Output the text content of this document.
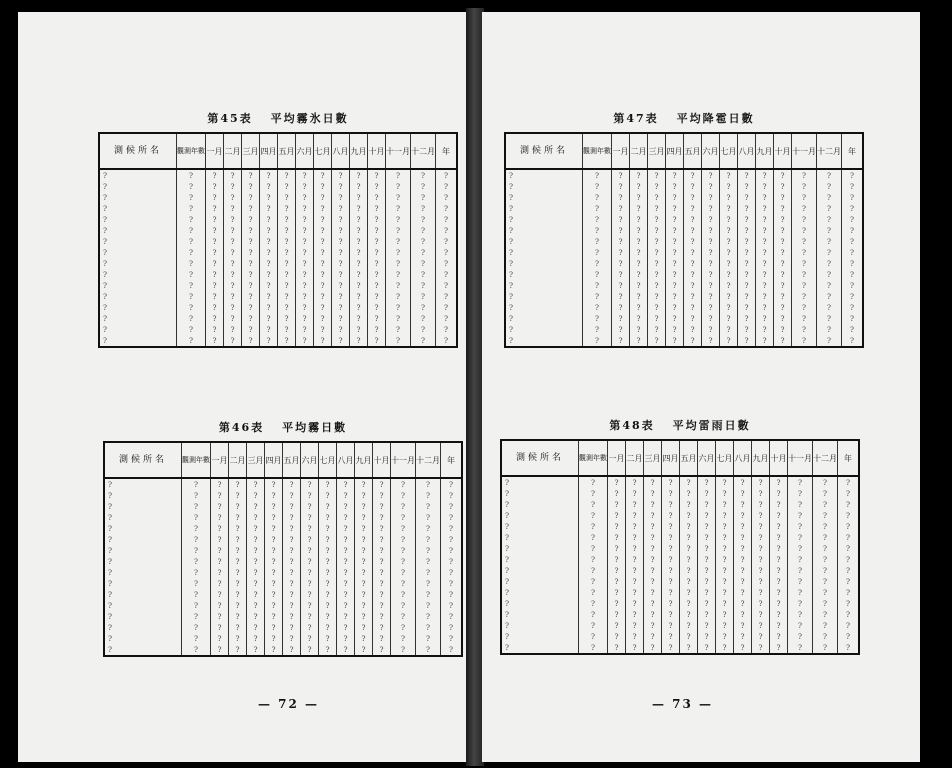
第45表 平均霧氷日數
測候所名	觀測年數	一月	二月	三月	四月	五月	六月	七月	八月	九月	十月	十一月	十二月	年
?	?	?	?	?	?	?	?	?	?	?	?	?	?	?
?	?	?	?	?	?	?	?	?	?	?	?	?	?	?
?	?	?	?	?	?	?	?	?	?	?	?	?	?	?
?	?	?	?	?	?	?	?	?	?	?	?	?	?	?
?	?	?	?	?	?	?	?	?	?	?	?	?	?	?
?	?	?	?	?	?	?	?	?	?	?	?	?	?	?
?	?	?	?	?	?	?	?	?	?	?	?	?	?	?
?	?	?	?	?	?	?	?	?	?	?	?	?	?	?
?	?	?	?	?	?	?	?	?	?	?	?	?	?	?
?	?	?	?	?	?	?	?	?	?	?	?	?	?	?
?	?	?	?	?	?	?	?	?	?	?	?	?	?	?
?	?	?	?	?	?	?	?	?	?	?	?	?	?	?
?	?	?	?	?	?	?	?	?	?	?	?	?	?	?
?	?	?	?	?	?	?	?	?	?	?	?	?	?	?
?	?	?	?	?	?	?	?	?	?	?	?	?	?	?
?	?	?	?	?	?	?	?	?	?	?	?	?	?	?
第46表 平均霧日數
測候所名	觀測年數	一月	二月	三月	四月	五月	六月	七月	八月	九月	十月	十一月	十二月	年
?	?	?	?	?	?	?	?	?	?	?	?	?	?	?
?	?	?	?	?	?	?	?	?	?	?	?	?	?	?
?	?	?	?	?	?	?	?	?	?	?	?	?	?	?
?	?	?	?	?	?	?	?	?	?	?	?	?	?	?
?	?	?	?	?	?	?	?	?	?	?	?	?	?	?
?	?	?	?	?	?	?	?	?	?	?	?	?	?	?
?	?	?	?	?	?	?	?	?	?	?	?	?	?	?
?	?	?	?	?	?	?	?	?	?	?	?	?	?	?
?	?	?	?	?	?	?	?	?	?	?	?	?	?	?
?	?	?	?	?	?	?	?	?	?	?	?	?	?	?
?	?	?	?	?	?	?	?	?	?	?	?	?	?	?
?	?	?	?	?	?	?	?	?	?	?	?	?	?	?
?	?	?	?	?	?	?	?	?	?	?	?	?	?	?
?	?	?	?	?	?	?	?	?	?	?	?	?	?	?
?	?	?	?	?	?	?	?	?	?	?	?	?	?	?
?	?	?	?	?	?	?	?	?	?	?	?	?	?	?
— 72 —
第47表 平均降雹日數
測候所名	觀測年數	一月	二月	三月	四月	五月	六月	七月	八月	九月	十月	十一月	十二月	年
?	?	?	?	?	?	?	?	?	?	?	?	?	?	?
?	?	?	?	?	?	?	?	?	?	?	?	?	?	?
?	?	?	?	?	?	?	?	?	?	?	?	?	?	?
?	?	?	?	?	?	?	?	?	?	?	?	?	?	?
?	?	?	?	?	?	?	?	?	?	?	?	?	?	?
?	?	?	?	?	?	?	?	?	?	?	?	?	?	?
?	?	?	?	?	?	?	?	?	?	?	?	?	?	?
?	?	?	?	?	?	?	?	?	?	?	?	?	?	?
?	?	?	?	?	?	?	?	?	?	?	?	?	?	?
?	?	?	?	?	?	?	?	?	?	?	?	?	?	?
?	?	?	?	?	?	?	?	?	?	?	?	?	?	?
?	?	?	?	?	?	?	?	?	?	?	?	?	?	?
?	?	?	?	?	?	?	?	?	?	?	?	?	?	?
?	?	?	?	?	?	?	?	?	?	?	?	?	?	?
?	?	?	?	?	?	?	?	?	?	?	?	?	?	?
?	?	?	?	?	?	?	?	?	?	?	?	?	?	?
第48表 平均雷雨日數
測候所名	觀測年數	一月	二月	三月	四月	五月	六月	七月	八月	九月	十月	十一月	十二月	年
?	?	?	?	?	?	?	?	?	?	?	?	?	?	?
?	?	?	?	?	?	?	?	?	?	?	?	?	?	?
?	?	?	?	?	?	?	?	?	?	?	?	?	?	?
?	?	?	?	?	?	?	?	?	?	?	?	?	?	?
?	?	?	?	?	?	?	?	?	?	?	?	?	?	?
?	?	?	?	?	?	?	?	?	?	?	?	?	?	?
?	?	?	?	?	?	?	?	?	?	?	?	?	?	?
?	?	?	?	?	?	?	?	?	?	?	?	?	?	?
?	?	?	?	?	?	?	?	?	?	?	?	?	?	?
?	?	?	?	?	?	?	?	?	?	?	?	?	?	?
?	?	?	?	?	?	?	?	?	?	?	?	?	?	?
?	?	?	?	?	?	?	?	?	?	?	?	?	?	?
?	?	?	?	?	?	?	?	?	?	?	?	?	?	?
?	?	?	?	?	?	?	?	?	?	?	?	?	?	?
?	?	?	?	?	?	?	?	?	?	?	?	?	?	?
?	?	?	?	?	?	?	?	?	?	?	?	?	?	?
— 73 —
